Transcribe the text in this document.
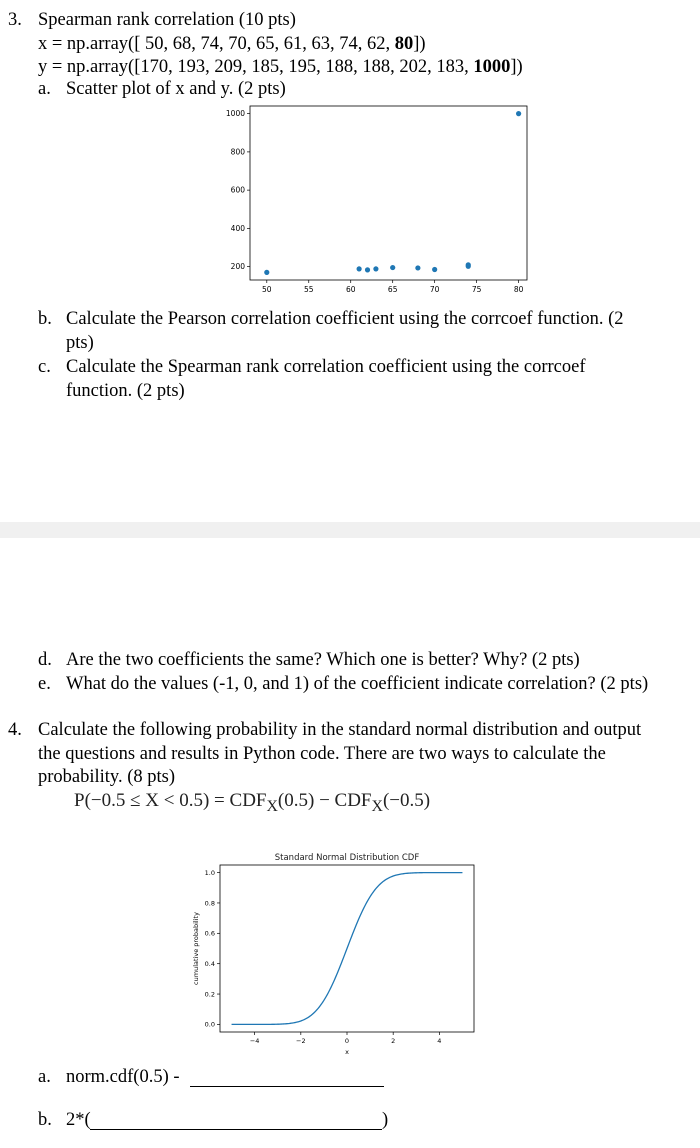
3. Spearman rank correlation (10 pts)
x = np.array([ 50, 68, 74, 70, 65, 61, 63, 74, 62, 80])
y = np.array([170, 193, 209, 185, 195, 188, 188, 202, 183, 1000])
a. Scatter plot of x and y. (2 pts)
50	55	60	65	70	75	80
200
400
600
800
1000
b. Calculate the Pearson correlation coefficient using the corrcoef function. (2
pts)
c. Calculate the Spearman rank correlation coefficient using the corrcoef
function. (2 pts)
d. Are the two coefficients the same? Which one is better? Why? (2 pts)
e. What do the values (-1, 0, and 1) of the coefficient indicate correlation? (2 pts)
4. Calculate the following probability in the standard normal distribution and output
the questions and results in Python code. There are two ways to calculate the
probability. (8 pts)
$P(-0.5 \le X < 0.5) = CDF_X(0.5) - CDF_X(-0.5)$
Standard Normal Distribution CDF
−4	−2	0	2	4
0.0
0.2
0.4
0.6
0.8
1.0
x
cumulative probability
a. norm.cdf(0.5) -
b. 2*(	)
